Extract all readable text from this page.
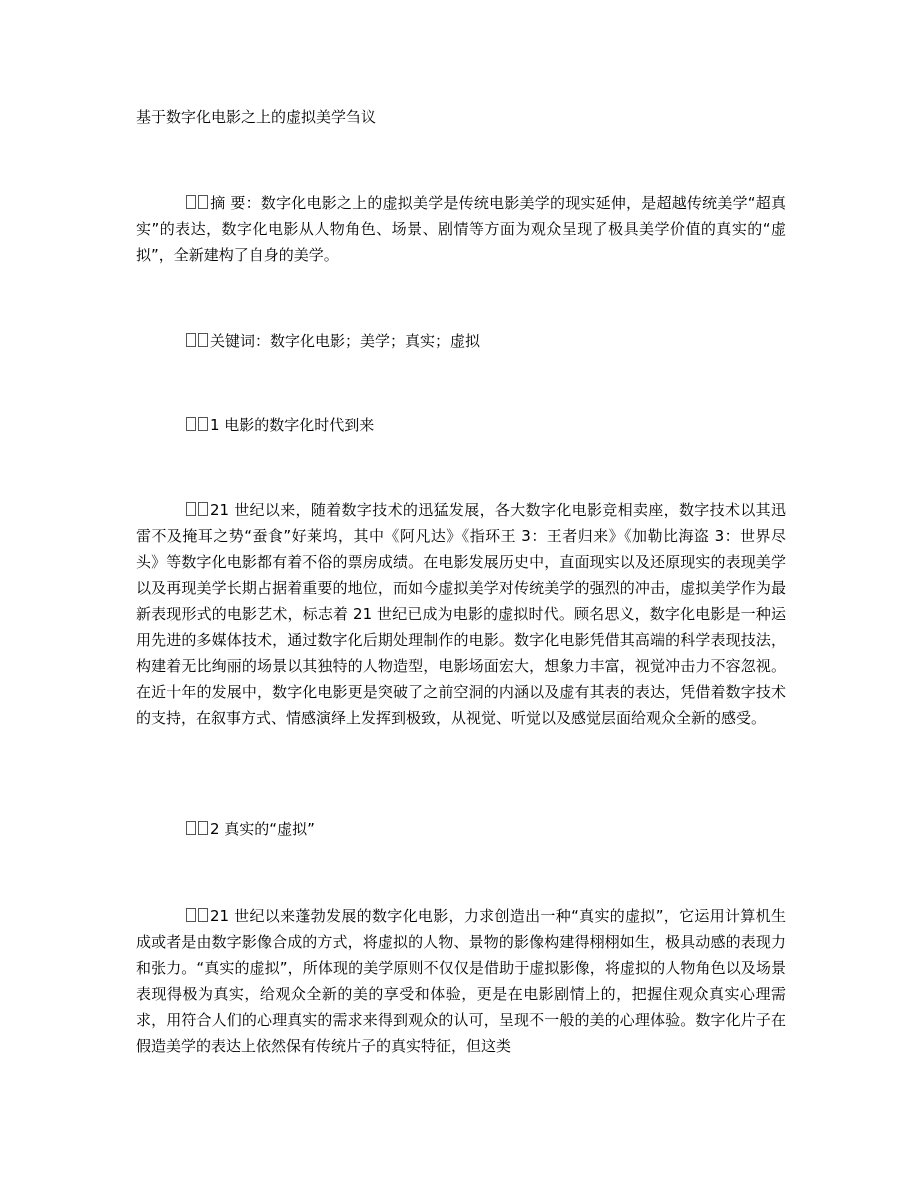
基于数字化电影之上的虚拟美学刍议

摘 要：数字化电影之上的虚拟美学是传统电影美学的现实延伸，是超越传统美学“超真实”的表达，数字化电影从人物角色、场景、剧情等方面为观众呈现了极具美学价值的真实的“虚拟”，全新建构了自身的美学。

关键词：数字化电影；美学；真实；虚拟

1 电影的数字化时代到来

21 世纪以来，随着数字技术的迅猛发展，各大数字化电影竞相卖座，数字技术以其迅雷不及掩耳之势“蚕食”好莱坞，其中《阿凡达》《指环王 3：王者归来》《加勒比海盗 3：世界尽头》等数字化电影都有着不俗的票房成绩。在电影发展历史中，直面现实以及还原现实的表现美学以及再现美学长期占据着重要的地位，而如今虚拟美学对传统美学的强烈的冲击，虚拟美学作为最新表现形式的电影艺术，标志着 21 世纪已成为电影的虚拟时代。顾名思义，数字化电影是一种运用先进的多媒体技术，通过数字化后期处理制作的电影。数字化电影凭借其高端的科学表现技法，构建着无比绚丽的场景以其独特的人物造型，电影场面宏大，想象力丰富，视觉冲击力不容忽视。在近十年的发展中，数字化电影更是突破了之前空洞的内涵以及虚有其表的表达，凭借着数字技术的支持，在叙事方式、情感演绎上发挥到极致，从视觉、听觉以及感觉层面给观众全新的感受。

2 真实的“虚拟”

21 世纪以来蓬勃发展的数字化电影，力求创造出一种“真实的虚拟”，它运用计算机生成或者是由数字影像合成的方式，将虚拟的人物、景物的影像构建得栩栩如生，极具动感的表现力和张力。“真实的虚拟”，所体现的美学原则不仅仅是借助于虚拟影像，将虚拟的人物角色以及场景表现得极为真实，给观众全新的美的享受和体验，更是在电影剧情上的，把握住观众真实心理需求，用符合人们的心理真实的需求来得到观众的认可，呈现不一般的美的心理体验。数字化片子在假造美学的表达上依然保有传统片子的真实特征，但这类
